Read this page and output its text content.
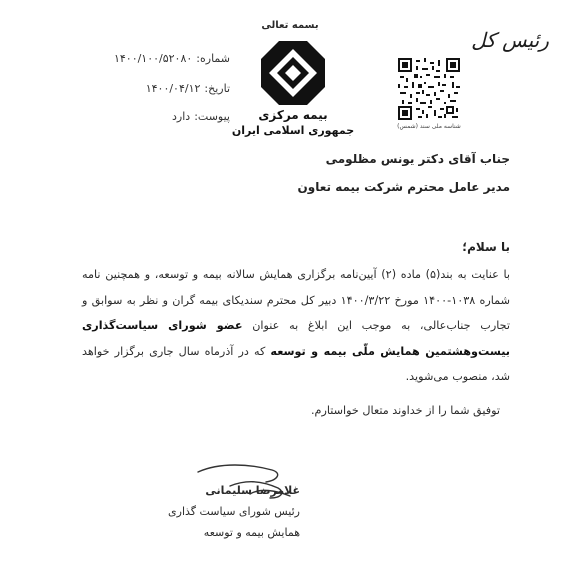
بسمه تعالی
بیمه مرکزی
جمهوری اسلامی ایران
رئیس کل
شناسه ملی سند (شمس)
شماره:۱۴۰۰/۱۰۰/۵۲۰۸۰
تاریخ:۱۴۰۰/۰۴/۱۲
پیوست:دارد
جناب آقای دکتر یونس مظلومی
مدیر عامل محترم شرکت بیمه تعاون
با سلام؛
با عنایت به بند(۵) ماده (۲) آیین‌نامه برگزاری همایش سالانه بیمه و توسعه، و همچنین نامه شماره ۱۰۳۸-۱۴۰۰ مورخ ۱۴۰۰/۳/۲۲ دبیر کل محترم سندیکای بیمه گران و نظر به سوابق و تجارب جناب‌عالی، به موجب این ابلاغ به عنوان عضو شورای سیاست‌گذاری بیست‌وهشتمین همایش ملّی بیمه و توسعه که در آذرماه سال جاری برگزار خواهد شد، منصوب می‌شوید.
توفیق شما را از خداوند متعال خواستارم.
غلامرضا سلیمانی
رئیس شورای سیاست گذاری
همایش بیمه و توسعه
